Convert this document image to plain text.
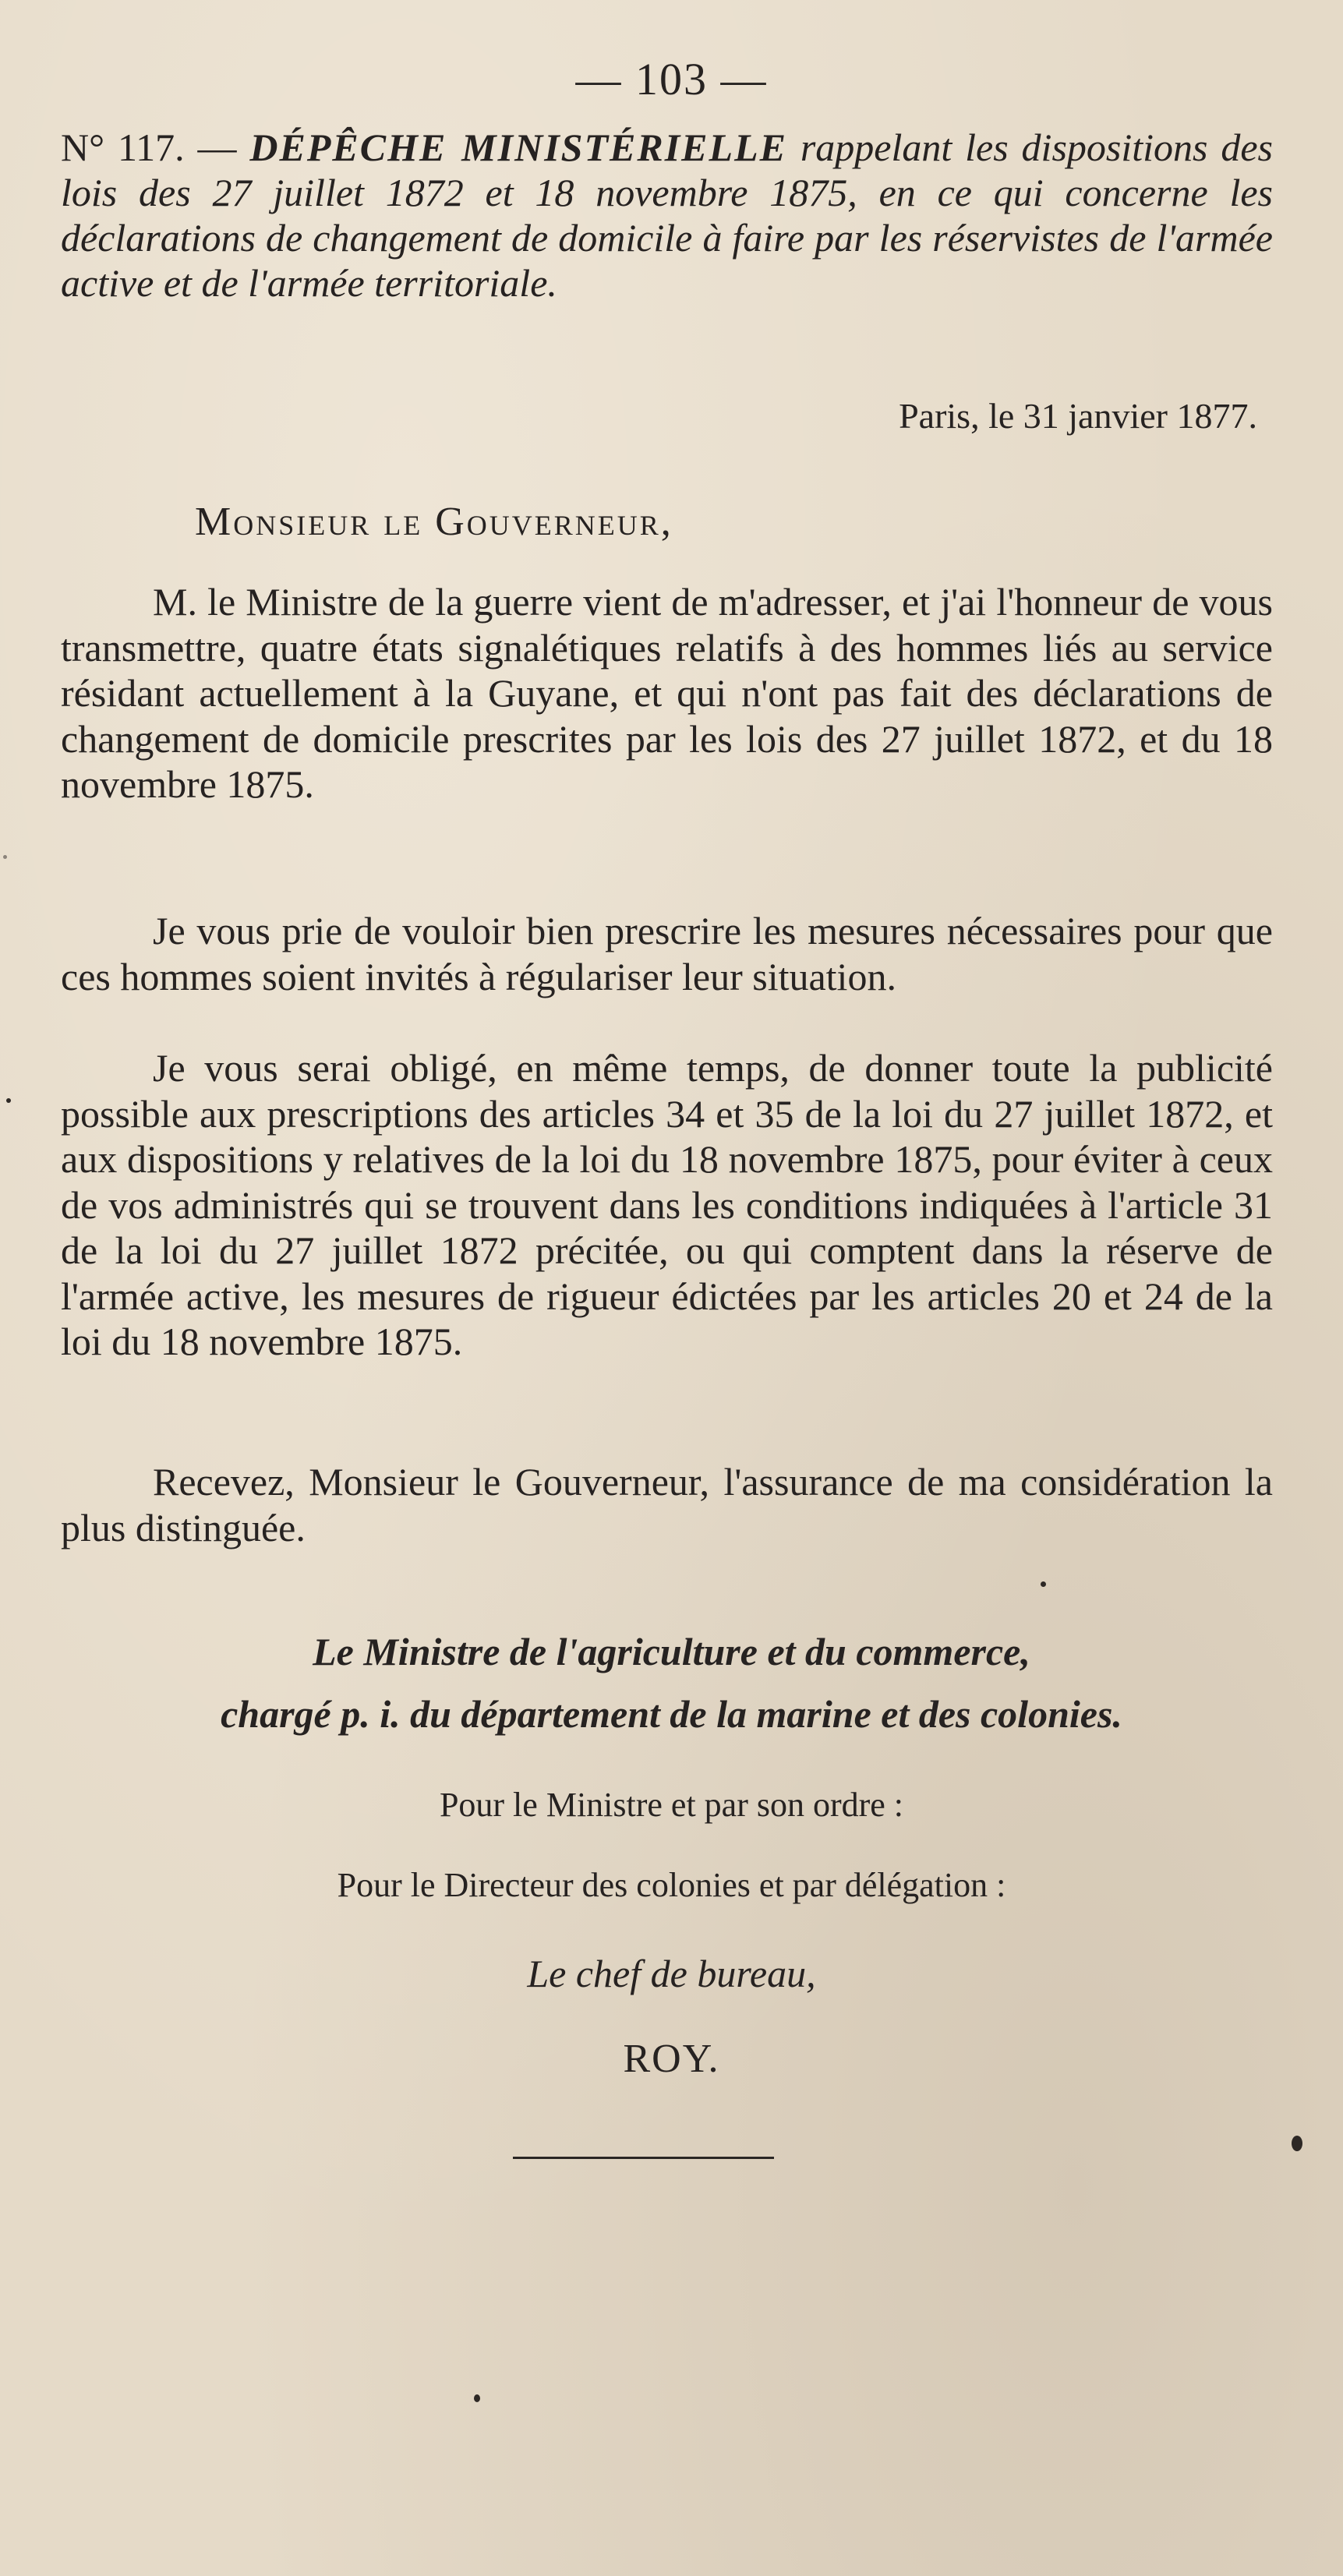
— 103 —
N° 117. — DÉPÊCHE MINISTÉRIELLE rappelant les dispositions des lois des 27 juillet 1872 et 18 novembre 1875, en ce qui concerne les déclarations de changement de domicile à faire par les réservistes de l'armée active et de l'armée territoriale.
Paris, le 31 janvier 1877.
Monsieur le Gouverneur,
M. le Ministre de la guerre vient de m'adresser, et j'ai l'honneur de vous transmettre, quatre états signalétiques relatifs à des hommes liés au service résidant actuellement à la Guyane, et qui n'ont pas fait des déclarations de changement de domicile prescrites par les lois des 27 juillet 1872, et du 18 novembre 1875.
Je vous prie de vouloir bien prescrire les mesures nécessaires pour que ces hommes soient invités à régulariser leur situation.
Je vous serai obligé, en même temps, de donner toute la publicité possible aux prescriptions des articles 34 et 35 de la loi du 27 juillet 1872, et aux dispositions y relatives de la loi du 18 novembre 1875, pour éviter à ceux de vos administrés qui se trouvent dans les conditions indiquées à l'article 31 de la loi du 27 juillet 1872 précitée, ou qui comptent dans la réserve de l'armée active, les mesures de rigueur édictées par les articles 20 et 24 de la loi du 18 novembre 1875.
Recevez, Monsieur le Gouverneur, l'assurance de ma considération la plus distinguée.
Le Ministre de l'agriculture et du commerce,
chargé p. i. du département de la marine et des colonies.
Pour le Ministre et par son ordre :
Pour le Directeur des colonies et par délégation :
Le chef de bureau,
ROY.
